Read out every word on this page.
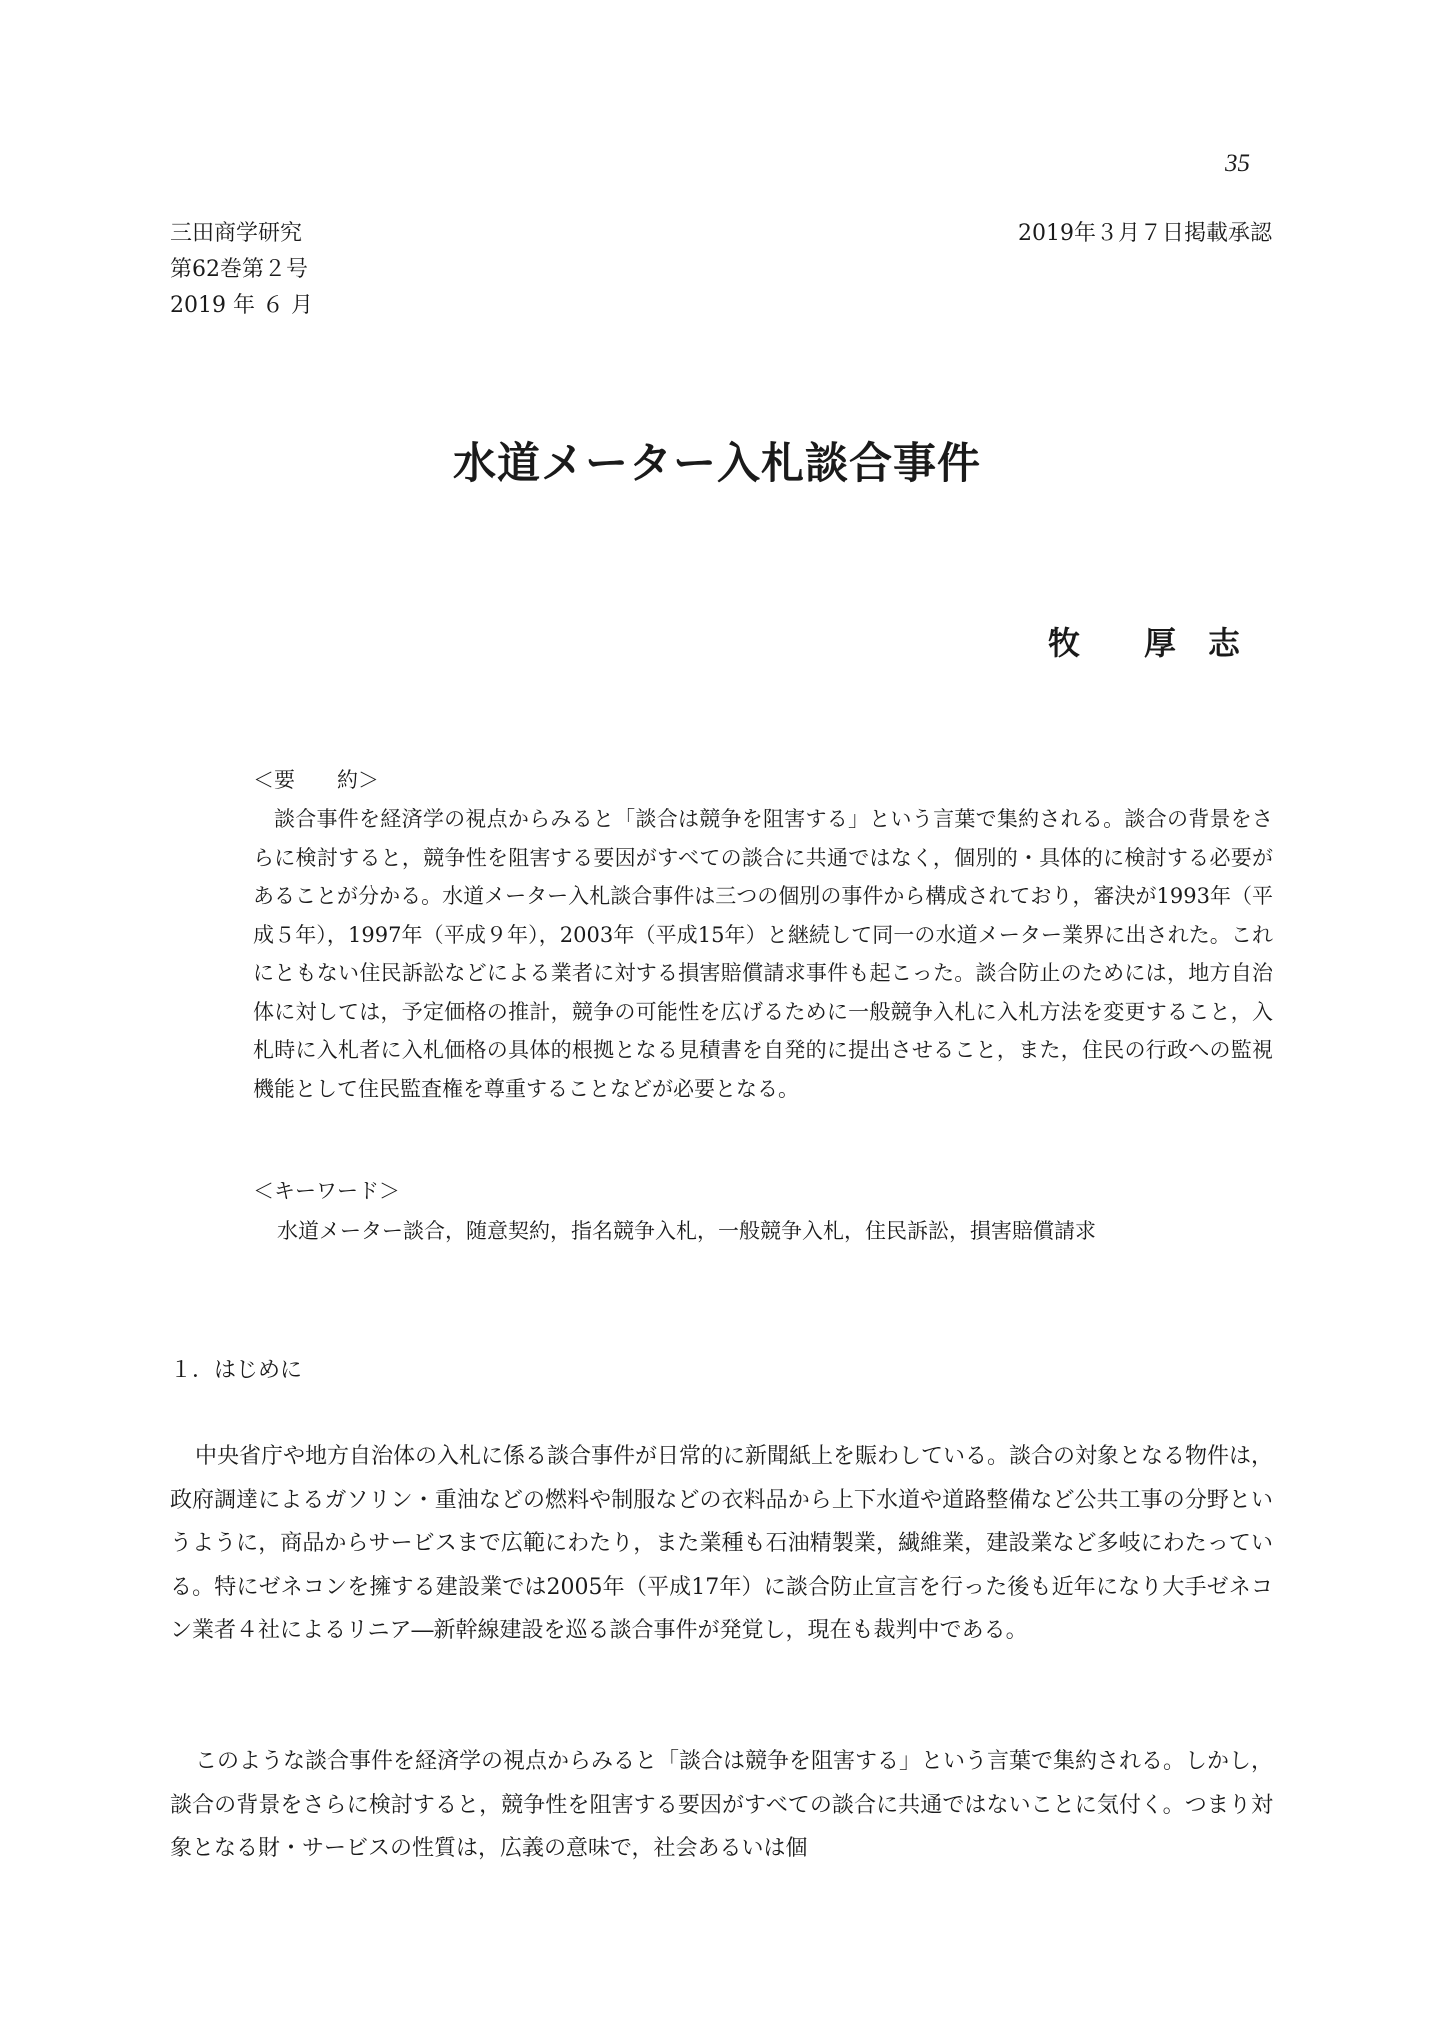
35
三田商学研究
第62巻第２号
2019 年 ６ 月
2019年３月７日掲載承認
水道メーター入札談合事件
牧　　厚　志
＜要　　約＞

談合事件を経済学の視点からみると「談合は競争を阻害する」という言葉で集約される。談合の背景をさらに検討すると，競争性を阻害する要因がすべての談合に共通ではなく，個別的・具体的に検討する必要があることが分かる。水道メーター入札談合事件は三つの個別の事件から構成されており，審決が1993年（平成５年），1997年（平成９年），2003年（平成15年）と継続して同一の水道メーター業界に出された。これにともない住民訴訟などによる業者に対する損害賠償請求事件も起こった。談合防止のためには，地方自治体に対しては，予定価格の推計，競争の可能性を広げるために一般競争入札に入札方法を変更すること，入札時に入札者に入札価格の具体的根拠となる見積書を自発的に提出させること，また，住民の行政への監視機能として住民監査権を尊重することなどが必要となる。

＜キーワード＞
水道メーター談合，随意契約，指名競争入札，一般競争入札，住民訴訟，損害賠償請求
１．はじめに

中央省庁や地方自治体の入札に係る談合事件が日常的に新聞紙上を賑わしている。談合の対象となる物件は，政府調達によるガソリン・重油などの燃料や制服などの衣料品から上下水道や道路整備など公共工事の分野というように，商品からサービスまで広範にわたり，また業種も石油精製業，繊維業，建設業など多岐にわたっている。特にゼネコンを擁する建設業では2005年（平成17年）に談合防止宣言を行った後も近年になり大手ゼネコン業者４社によるリニア―新幹線建設を巡る談合事件が発覚し，現在も裁判中である。

このような談合事件を経済学の視点からみると「談合は競争を阻害する」という言葉で集約される。しかし，談合の背景をさらに検討すると，競争性を阻害する要因がすべての談合に共通ではないことに気付く。つまり対象となる財・サービスの性質は，広義の意味で，社会あるいは個
